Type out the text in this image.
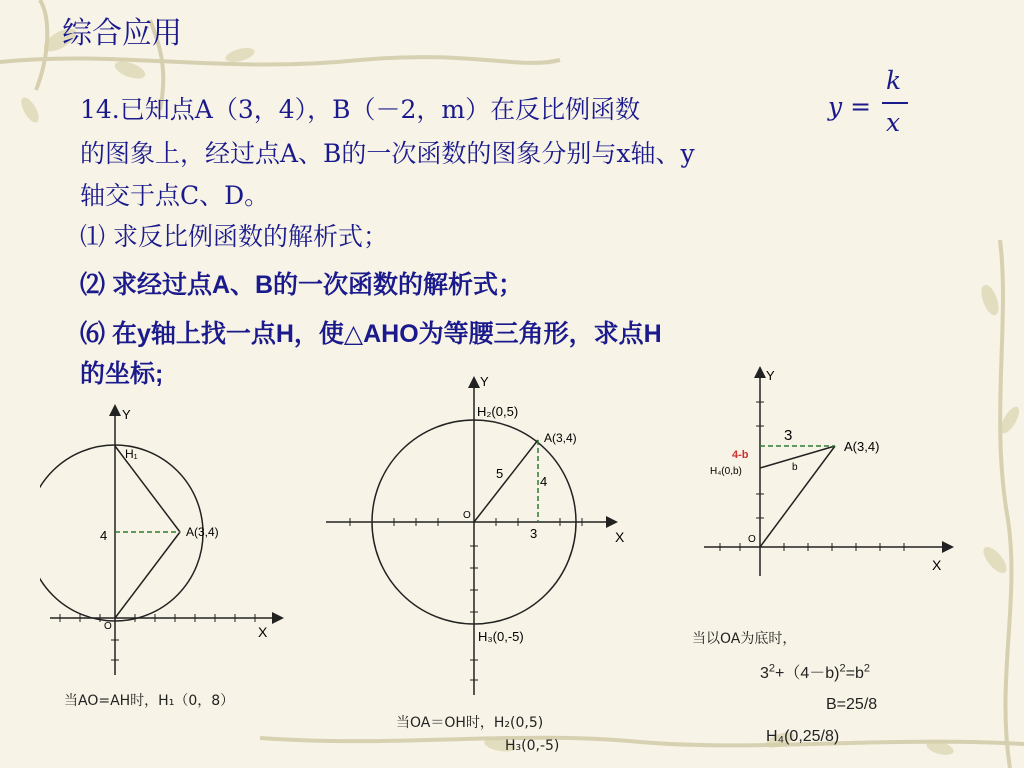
综合应用
14.已知点A（3，4），B（－2，m）在反比例函数	y =
k
x
的图象上，经过点A、B的一次函数的图象分别与x轴、y
轴交于点C、D。
⑴ 求反比例函数的解析式；
⑵ 求经过点A、B的一次函数的解析式；
⑹ 在y轴上找一点H，使△AHO为等腰三角形，求点H
的坐标;
Y
X
O
H₁
4	A(3,4)
当AO=AH时，H₁（0，8）
Y
X
O
H₂(0,5)
H₃(0,-5)
A(3,4)
5
4
3
当OA＝OH时，H₂(0,5)
H₃(0,-5)
Y
X
O
3
4-b
H₄(0,b)	b
A(3,4)
当以OA为底时，
$3^2+(4-b)^2=b^2$
B=25/8
H₄(0,25/8)
